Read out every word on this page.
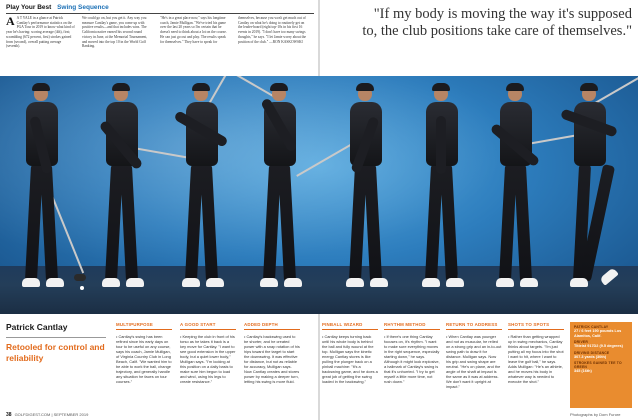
Play Your Best Swing Sequence
A A T YALE in a glance at Patrick Cantlay's performance statistics on the PGA Tour in 2019 to know what kind of year he's having: scoring average (4th), first; scrambling (672 percent, first) strokes gained from (second), overall putting average (seventh).
We could go on, but you get it. Any way you measure Cantlay's game, you come up with positive results—and that includes wins. The California native earned his second round victory in June, at the Memorial Tournament, and moved into the top 10 in the World Golf Ranking.
"He's in a great place now," says his longtime coach, Jamie Mulligan. "We've tried his game over the last 20 years so I'm certain that he doesn't need to think about a lot on the course. He can just go out and play. The results speak for themselves." They have to speak for
themselves, because you won't get much out of Cantlay on what he's doing to routinely get on the leader-board (eight top-10s in his first 16 events in 2019). "I don't have too many swings thoughts," he says. "I let Jamie worry about the position of the club." —RON KASKOWSKI
"If my body is moving the way it's supposed to, the club positions take care of themselves."
Patrick Cantlay
Retooled for control and reliability
MULTIPURPOSE
• Cantlay's swing has been refined since his early days on tour to be useful on any course, says his coach, Jamie Mulligan, of Virginia Country Club in Long Beach, Calif. "We wanted him to be able to work the ball, change trajectory, and generally handle any situation he faces on tour courses."
A GOOD START
• Keeping the club in front of his torso as he takes it back is a key move for Cantlay. "I want to see good extension in the upper body, but a quiet lower body," Mulligan says. "I'm looking at this position on a daily basis to make sure him begun to load and wind, using his legs to create resistance."
ADDED DEPTH
• Cantlay's backswing used to be shorter, and he created power with a snap rotation of his hips toward the target to start the downswing. It was effective for distance, but not as reliable for accuracy, Mulligan says. Now Cantlay creates and stores power by making a deeper turn, letting his swing is more fluid.
PINBALL WIZARD
• Cantlay keeps turning back until his whole body is behind the ball and fully wound at the top. Mulligan says the kinetic energy Cantlay stores is like pulling the plunger back on a pinball machine: "It's a backswing game, and he does a great job of getting the swing loaded in the backswing."
RHYTHM METHOD
• If there's one thing Cantlay focuses on, it's rhythm. "I want to make sure everything moves in the right sequence, especially starting down," he says. Although it might look explosive, a hallmark of Cantlay's swing is that it's unhurried. "I try to get myself a little more time, not rush down."
RETURN TO ADDRESS
• When Cantlay was younger and not as muscular, he relied on a strong grip and an in-to-out swing path to draw it for distance. Mulligan says. Now his grip and swing shape are neutral. "He's on plane, and the angle of the shaft at impact is the same as it was at address. We don't want it upright at impact."
SHOTS TO SPOTS
• Rather than getting wrapped up in swing mechanics, Cantlay thinks about targets. "I'm just putting all my focus into the shot I want to hit, where I want to leave the golf ball," he says. Adds Mulligan: "He's an athlete, and he moves his body in whatever way is needed to execute the shot."
PATRICK CANTLAY
27 / 6 feet 190 pounds Los Alamitos, Calif.
DRIVER
Titleist 917D2 (9.5 degrees)
DRIVING DISTANCE
307.3 yards (30th)
STROKES GAINED TEE TO GREEN
345 (16th)
38 GOLFDIGEST.COM | SEPTEMBER 2019	Photographs by Dom Furore
